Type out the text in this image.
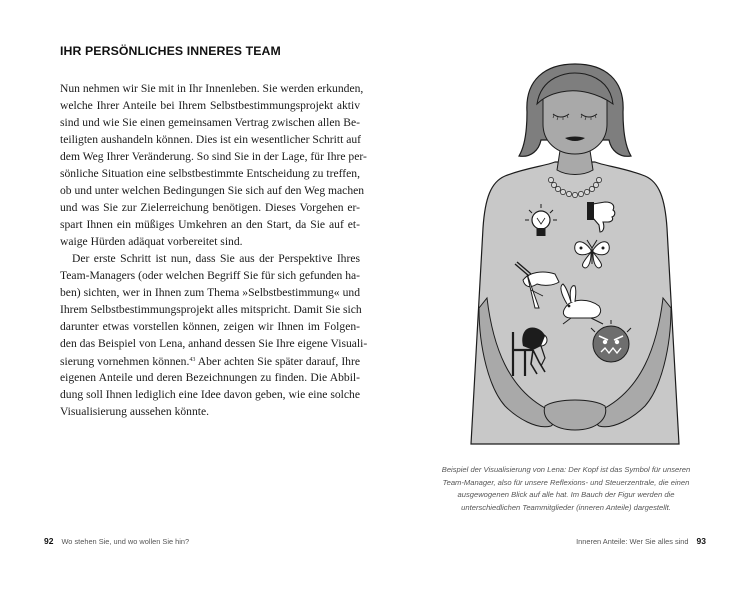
IHR PERSÖNLICHES INNERES TEAM
Nun nehmen wir Sie mit in Ihr Innenleben. Sie werden erkunden,
welche Ihrer Anteile bei Ihrem Selbstbestimmungsprojekt aktiv
sind und wie Sie einen gemeinsamen Vertrag zwischen allen Be-
teiligten aushandeln können. Dies ist ein wesentlicher Schritt auf
dem Weg Ihrer Veränderung. So sind Sie in der Lage, für Ihre per-
sönliche Situation eine selbstbestimmte Entscheidung zu treffen,
ob und unter welchen Bedingungen Sie sich auf den Weg machen
und was Sie zur Zielerreichung benötigen. Dieses Vorgehen er-
spart Ihnen ein müßiges Umkehren an den Start, da Sie auf et-
waige Hürden adäquat vorbereitet sind.
Der erste Schritt ist nun, dass Sie aus der Perspektive Ihres
Team-Managers (oder welchen Begriff Sie für sich gefunden ha-
ben) sichten, wer in Ihnen zum Thema »Selbstbestimmung« und
Ihrem Selbstbestimmungsprojekt alles mitspricht. Damit Sie sich
darunter etwas vorstellen können, zeigen wir Ihnen im Folgen-
den das Beispiel von Lena, anhand dessen Sie Ihre eigene Visuali-
sierung vornehmen können.$^{43}$ Aber achten Sie später darauf, Ihre
eigenen Anteile und deren Bezeichnungen zu finden. Die Abbil-
dung soll Ihnen lediglich eine Idee davon geben, wie eine solche
Visualisierung aussehen könnte.
92 Wo stehen Sie, und wo wollen Sie hin?
Beispiel der Visualisierung von Lena: Der Kopf ist das Symbol für unseren
Team-Manager, also für unsere Reflexions- und Steuerzentrale, die einen
ausgewogenen Blick auf alle hat. Im Bauch der Figur werden die
unterschiedlichen Teammitglieder (inneren Anteile) dargestellt.
Inneren Anteile: Wer Sie alles sind 93
